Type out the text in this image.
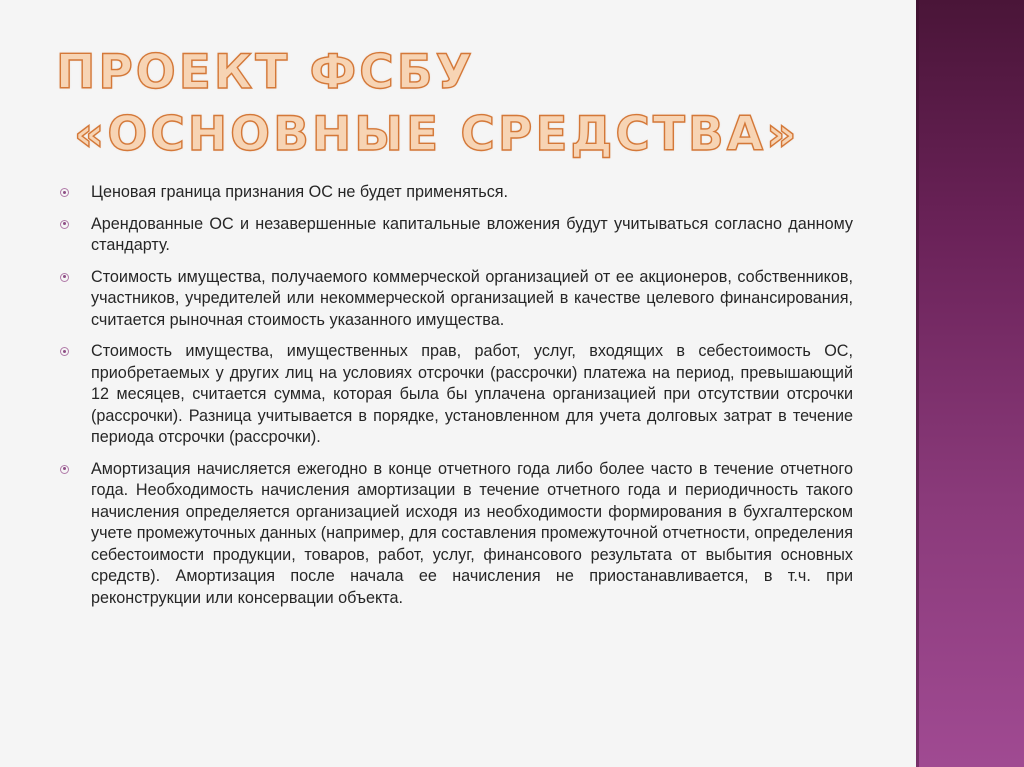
ПРОЕКТ ФСБУ
«ОСНОВНЫЕ СРЕДСТВА»
Ценовая граница признания ОС не будет применяться.
Арендованные ОС и незавершенные капитальные вложения будут учитываться согласно данному стандарту.
Стоимость имущества, получаемого коммерческой организацией от ее акционеров, собственников, участников, учредителей или некоммерческой организацией в качестве целевого финансирования, считается рыночная стоимость указанного имущества.
Стоимость имущества, имущественных прав, работ, услуг, входящих в себестоимость ОС, приобретаемых у других лиц на условиях отсрочки (рассрочки) платежа на период, превышающий 12 месяцев, считается сумма, которая была бы уплачена организацией при отсутствии отсрочки (рассрочки). Разница учитывается в порядке, установленном для учета долговых затрат в течение периода отсрочки (рассрочки).
Амортизация начисляется ежегодно в конце отчетного года либо более часто в течение отчетного года. Необходимость начисления амортизации в течение отчетного года и периодичность такого начисления определяется организацией исходя из необходимости формирования в бухгалтерском учете промежуточных данных (например, для составления промежуточной отчетности, определения себестоимости продукции, товаров, работ, услуг, финансового результата от выбытия основных средств). Амортизация после начала ее начисления не приостанавливается, в т.ч. при реконструкции или консервации объекта.
